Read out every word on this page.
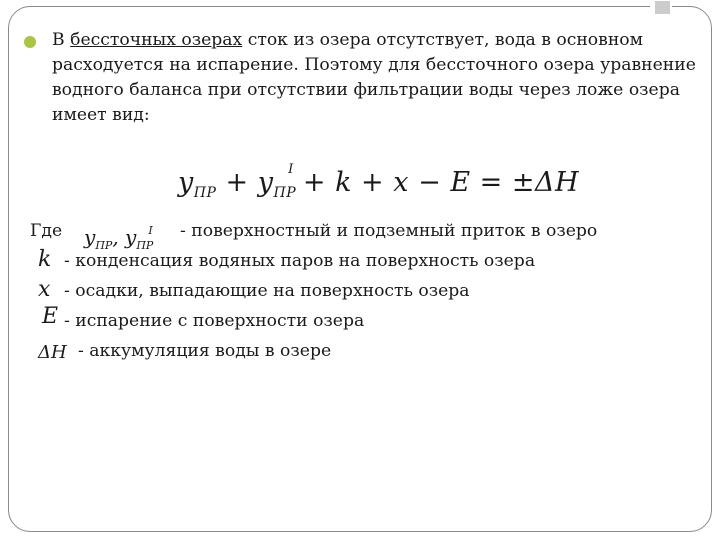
В бессточных озерах сток из озера отсутствует, вода в основном расходуется на испарение. Поэтому для бессточного озера уравнение водного баланса при отсутствии фильтрации воды через ложе озера имеет вид:
$y_{ПР} + y_{ПР}^I + k + x - E = \pm\Delta H$
Где $y_{ПР}$, $y_{ПР}^I$ - поверхностный и подземный приток в озеро
k - конденсация водяных паров на поверхность озера
x - осадки, выпадающие на поверхность озера
E - испарение с поверхности озера
ΔH - аккумуляция воды в озере
